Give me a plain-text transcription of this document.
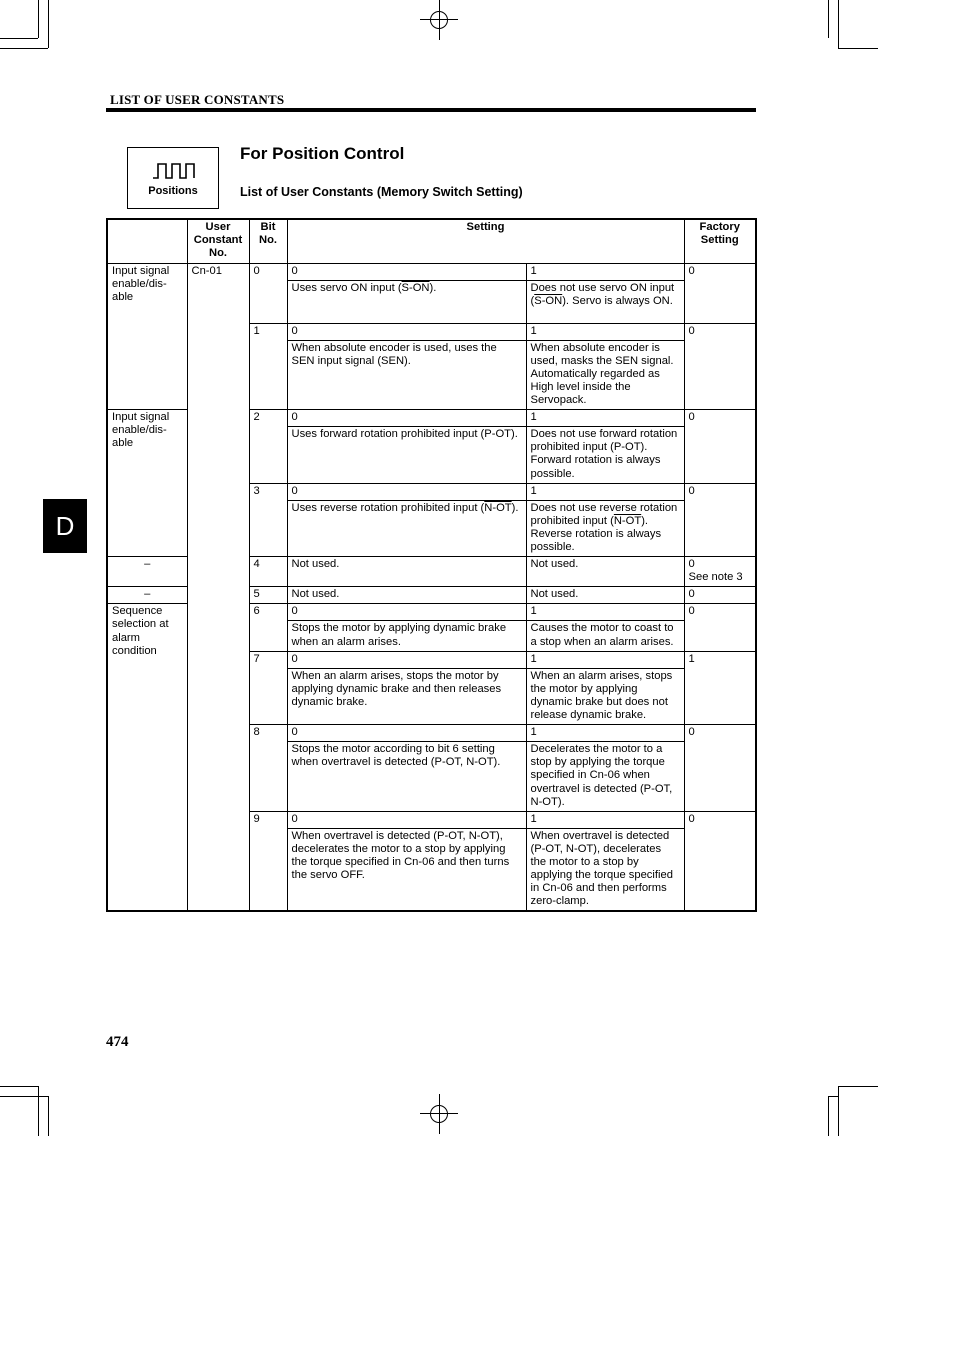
LIST OF USER CONSTANTS
Positions
For Position Control
List of User Constants (Memory Switch Setting)
	User
Constant
No.	Bit
No.	Setting		Factory
Setting
Input signal
enable/dis-
able	Cn-01	0	0	1	0
			Uses servo ON input (S-ON).	Does not use servo ON input (S-ON). Servo is always ON.	
		1	0	1	0
			When absolute encoder is used, uses the SEN input signal (SEN).	When absolute encoder is used, masks the SEN signal. Automatically regarded as High level inside the Servopack.	
Input signal
enable/dis-
able		2	0	1	0
			Uses forward rotation prohibited input (P-OT).	Does not use forward rotation prohibited input (P-OT). Forward rotation is always possible.	
		3	0	1	0
			Uses reverse rotation prohibited input (N-OT).	Does not use reverse rotation prohibited input (N-OT). Reverse rotation is always possible.	
–		4	Not used.	Not used.	0
See note 3
–		5	Not used.	Not used.	0
Sequence
selection at
alarm
condition		6	0	1	0
			Stops the motor by applying dynamic brake when an alarm arises.	Causes the motor to coast to a stop when an alarm arises.	
		7	0	1	1
			When an alarm arises, stops the motor by applying dynamic brake and then releases dynamic brake.	When an alarm arises, stops the motor by applying dynamic brake but does not release dynamic brake.	
		8	0	1	0
			Stops the motor according to bit 6 setting when overtravel is detected (P-OT, N-OT).	Decelerates the motor to a stop by applying the torque specified in Cn-06 when overtravel is detected (P-OT, N-OT).	
		9	0	1	0
			When overtravel is detected (P-OT, N-OT), decelerates the motor to a stop by applying the torque specified in Cn-06 and then turns the servo OFF.	When overtravel is detected (P-OT, N-OT), decelerates the motor to a stop by applying the torque specified in Cn-06 and then performs zero-clamp.	
D
474
